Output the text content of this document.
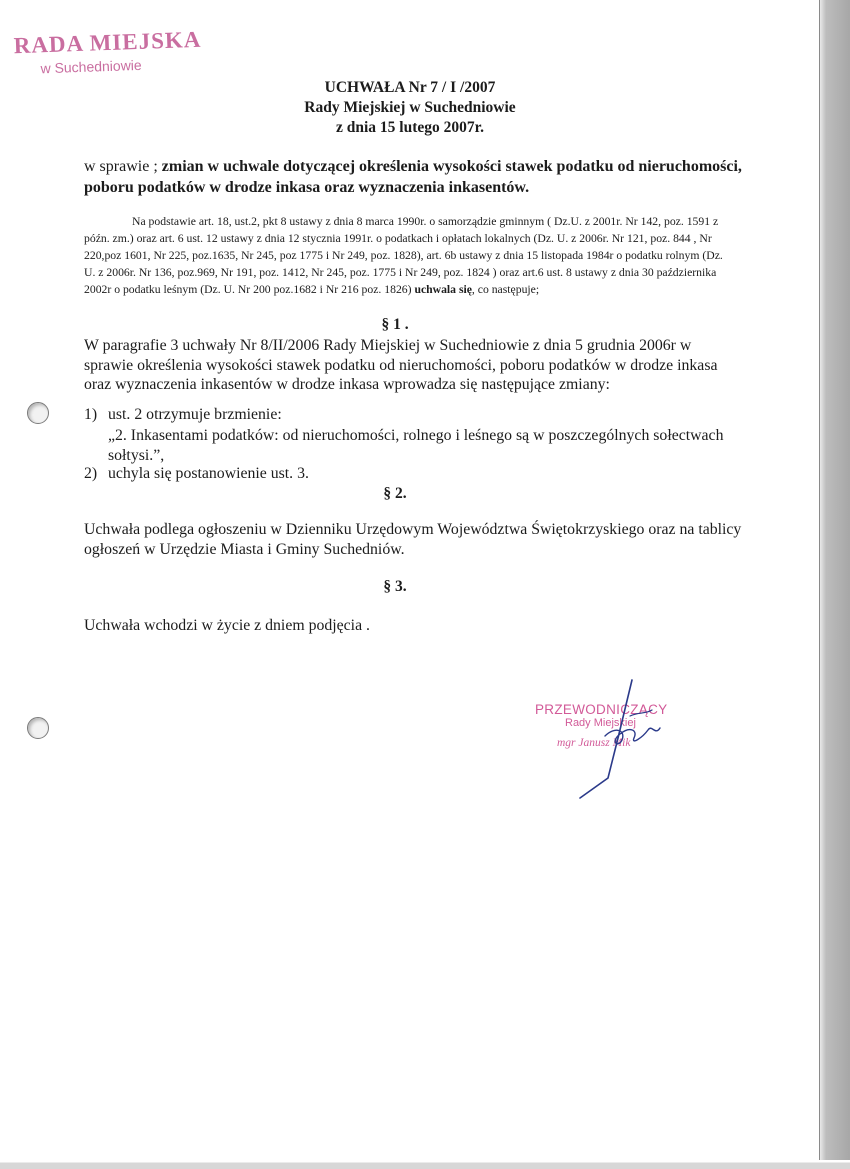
RADA MIEJSKA
w Suchedniowie
UCHWAŁA Nr 7 / I /2007
Rady Miejskiej w Suchedniowie
z dnia 15 lutego 2007r.
w sprawie ; zmian w uchwale dotyczącej określenia wysokości stawek podatku od nieruchomości, poboru podatków w drodze inkasa oraz wyznaczenia inkasentów.
Na podstawie art. 18, ust.2, pkt 8 ustawy z dnia 8 marca 1990r. o samorządzie gminnym ( Dz.U. z 2001r. Nr 142, poz. 1591 z późn. zm.) oraz art. 6 ust. 12 ustawy z dnia 12 stycznia 1991r. o podatkach i opłatach lokalnych (Dz. U. z 2006r. Nr 121, poz. 844 , Nr 220,poz 1601, Nr 225, poz.1635, Nr 245, poz 1775 i Nr 249, poz. 1828), art. 6b ustawy z dnia 15 listopada 1984r o podatku rolnym (Dz. U. z 2006r. Nr 136, poz.969, Nr 191, poz. 1412, Nr 245, poz. 1775 i Nr 249, poz. 1824 ) oraz art.6 ust. 8 ustawy z dnia 30 października 2002r o podatku leśnym (Dz. U. Nr 200 poz.1682 i Nr 216 poz. 1826) uchwala się, co następuje;
§ 1 .
W paragrafie 3 uchwały Nr 8/II/2006 Rady Miejskiej w Suchedniowie z dnia 5 grudnia 2006r w sprawie określenia wysokości stawek podatku od nieruchomości, poboru podatków w drodze inkasa oraz wyznaczenia inkasentów w drodze inkasa wprowadza się następujące zmiany:
1) ust. 2 otrzymuje brzmienie:
„2. Inkasentami podatków: od nieruchomości, rolnego i leśnego są w poszczególnych sołectwach sołtysi.”,
2) uchyla się postanowienie ust. 3.
§ 2.
Uchwała podlega ogłoszeniu w Dzienniku Urzędowym Województwa Świętokrzyskiego oraz na tablicy ogłoszeń w Urzędzie Miasta i Gminy Suchedniów.
§ 3.
Uchwała wchodzi w życie z dniem podjęcia .
PRZEWODNICZĄCY
Rady Miejskiej
mgr Janusz Mik
